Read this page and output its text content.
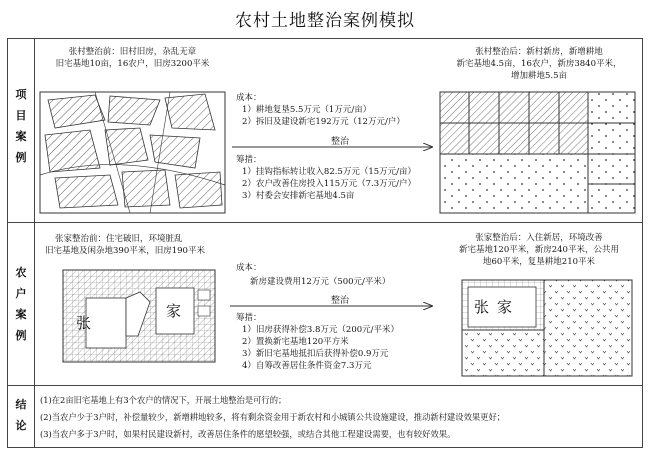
农村土地整治案例模拟
项
目
案
例
农
户
案
例
结
论
张村整治前：旧村旧房，杂乱无章
旧宅基地10亩，16农户，旧房3200平米
张村整治后：新村新房，新增耕地
新宅基地4.5亩，16农户，新房3840平米，
增加耕地5.5亩
成本：
1）耕地复垦5.5万元（1万元/亩）
2）拆旧及建设新宅192万元（12万元/户）
整治
筹措：
1）挂钩指标转让收入82.5万元（15万元/亩）
2）农户改善住房投入115万元（7.3万元/户）
3）村委会安排新宅基地4.5亩
张家整治前：住宅破旧，环境脏乱
旧宅基地及闲杂地390平米，旧房190平米
张家整治后：入住新居，环境改善
新宅基地120平米，新房240平米，公共用
地60平米，复垦耕地210平米
成本：
新房建设费用12万元（500元/平米）
整治
筹措：
1）旧房获得补偿3.8万元（200元/平米）
2）置换新宅基地120平方米
3）新旧宅基地抵扣后获得补偿0.9万元
4）自筹改善居住条件资金7.3万元
张
家	张家
(1)在2亩旧宅基地上有3个农户的情况下，开展土地整治是可行的；
(2)当农户少于3户时，补偿量较少，新增耕地较多，将有剩余资金用于新农村和小城镇公共设施建设，推动新村建设效果更好；
(3)当农户多于3户时，如果村民建设新村，改善居住条件的愿望较强，或结合其他工程建设需要，也有较好效果。
